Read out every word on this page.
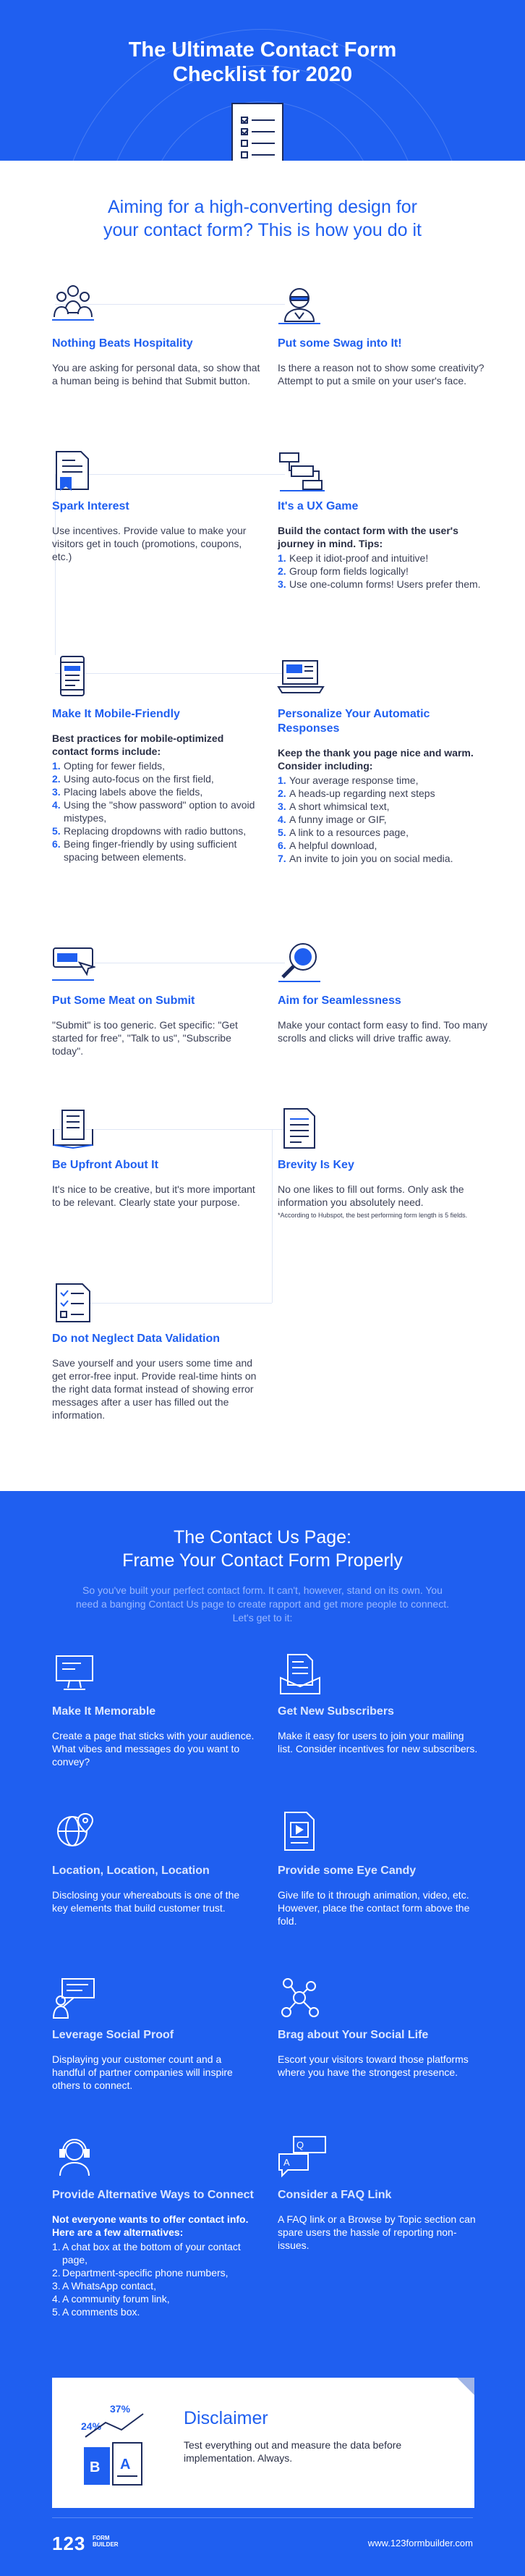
The Ultimate Contact Form
Checklist for 2020
Aiming for a high-converting design for
your contact form? This is how you do it
Nothing Beats Hospitality

You are asking for personal data, so show that a human being is behind that Submit button.

Put some Swag into It!

Is there a reason not to show some creativity? Attempt to put a smile on your user's face.

Spark Interest

Use incentives. Provide value to make your visitors get in touch (promotions, coupons, etc.)

It's a UX Game

Build the contact form with the user's journey in mind. Tips:

1. Keep it idiot-proof and intuitive!
2. Group form fields logically!
3. Use one-column forms! Users prefer them.
Make It Mobile-Friendly

Best practices for mobile-optimized contact forms include:

1. Opting for fewer fields,
2. Using auto-focus on the first field,
3. Placing labels above the fields,
4. Using the "show password" option to avoid mistypes,
5. Replacing dropdowns with radio buttons,
6. Being finger-friendly by using sufficient spacing between elements.
Personalize Your Automatic Responses

Keep the thank you page nice and warm. Consider including:

1. Your average response time,
2. A heads-up regarding next steps
3. A short whimsical text,
4. A funny image or GIF,
5. A link to a resources page,
6. A helpful download,
7. An invite to join you on social media.
Put Some Meat on Submit

"Submit" is too generic. Get specific: "Get started for free", "Talk to us", "Subscribe today".

Aim for Seamlessness

Make your contact form easy to find. Too many scrolls and clicks will drive traffic away.

Be Upfront About It

It's nice to be creative, but it's more important to be relevant. Clearly state your purpose.

Brevity Is Key

No one likes to fill out forms. Only ask the information you absolutely need.

*According to Hubspot, the best performing form length is 5 fields.
Do not Neglect Data Validation

Save yourself and your users some time and get error-free input. Provide real-time hints on the right data format instead of showing error messages after a user has filled out the information.

The Contact Us Page:
Frame Your Contact Form Properly
So you've built your perfect contact form. It can't, however, stand on its own. You
need a banging Contact Us page to create rapport and get more people to connect.
Let's get to it:
Make It Memorable

Create a page that sticks with your audience. What vibes and messages do you want to convey?

Get New Subscribers

Make it easy for users to join your mailing list. Consider incentives for new subscribers.

Location, Location, Location

Disclosing your whereabouts is one of the key elements that build customer trust.

Provide some Eye Candy

Give life to it through animation, video, etc. However, place the contact form above the fold.

Leverage Social Proof

Displaying your customer count and a handful of partner companies will inspire others to connect.

Brag about Your Social Life

Escort your visitors toward those platforms where you have the strongest presence.

Provide Alternative Ways to Connect

Not everyone wants to offer contact info. Here are a few alternatives:

1. A chat box at the bottom of your contact page,
2. Department-specific phone numbers,
3. A WhatsApp contact,
4. A community forum link,
5. A comments box.
Q
A
Consider a FAQ Link

A FAQ link or a Browse by Topic section can spare users the hassle of reporting non-issues.

24%
37%
B A
Disclaimer

Test everything out and measure the data before implementation. Always.

123 FORM
BUILDER	www.123formbuilder.com
